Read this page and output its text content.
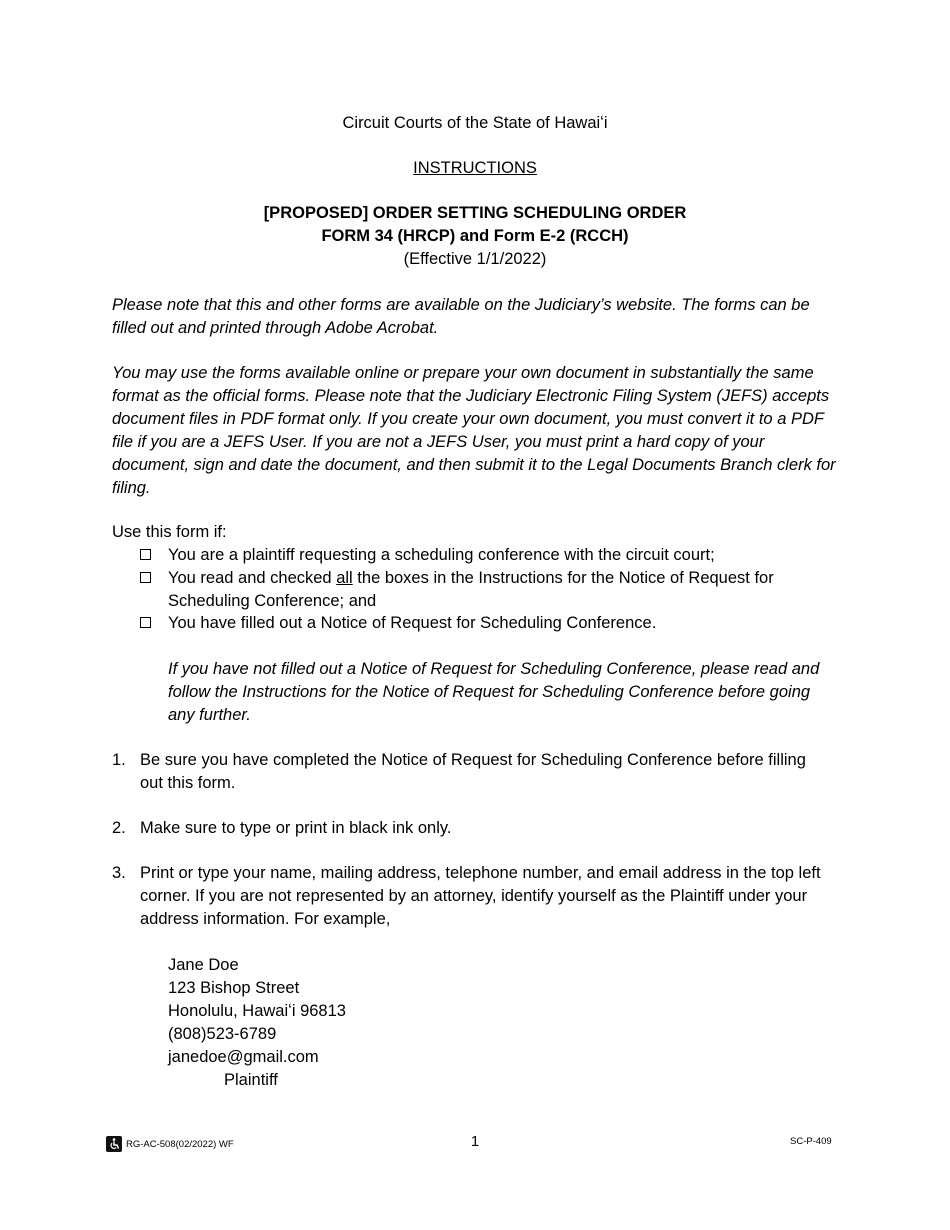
Circuit Courts of the State of Hawaiʻi
INSTRUCTIONS
[PROPOSED] ORDER SETTING SCHEDULING ORDER
FORM 34 (HRCP) and Form E-2 (RCCH)
(Effective 1/1/2022)
Please note that this and other forms are available on the Judiciary’s website. The forms can be filled out and printed through Adobe Acrobat.
You may use the forms available online or prepare your own document in substantially the same format as the official forms. Please note that the Judiciary Electronic Filing System (JEFS) accepts document files in PDF format only. If you create your own document, you must convert it to a PDF file if you are a JEFS User. If you are not a JEFS User, you must print a hard copy of your document, sign and date the document, and then submit it to the Legal Documents Branch clerk for filing.
Use this form if:
You are a plaintiff requesting a scheduling conference with the circuit court;
You read and checked all the boxes in the Instructions for the Notice of Request for Scheduling Conference; and
You have filled out a Notice of Request for Scheduling Conference.
If you have not filled out a Notice of Request for Scheduling Conference, please read and follow the Instructions for the Notice of Request for Scheduling Conference before going any further.
1. Be sure you have completed the Notice of Request for Scheduling Conference before filling out this form.
2. Make sure to type or print in black ink only.
3. Print or type your name, mailing address, telephone number, and email address in the top left corner. If you are not represented by an attorney, identify yourself as the Plaintiff under your address information. For example,
Jane Doe
123 Bishop Street
Honolulu, Hawaiʻi 96813
(808)523-6789
janedoe@gmail.com
Plaintiff
RG-AC-508(02/2022) WF	1	SC-P-409
